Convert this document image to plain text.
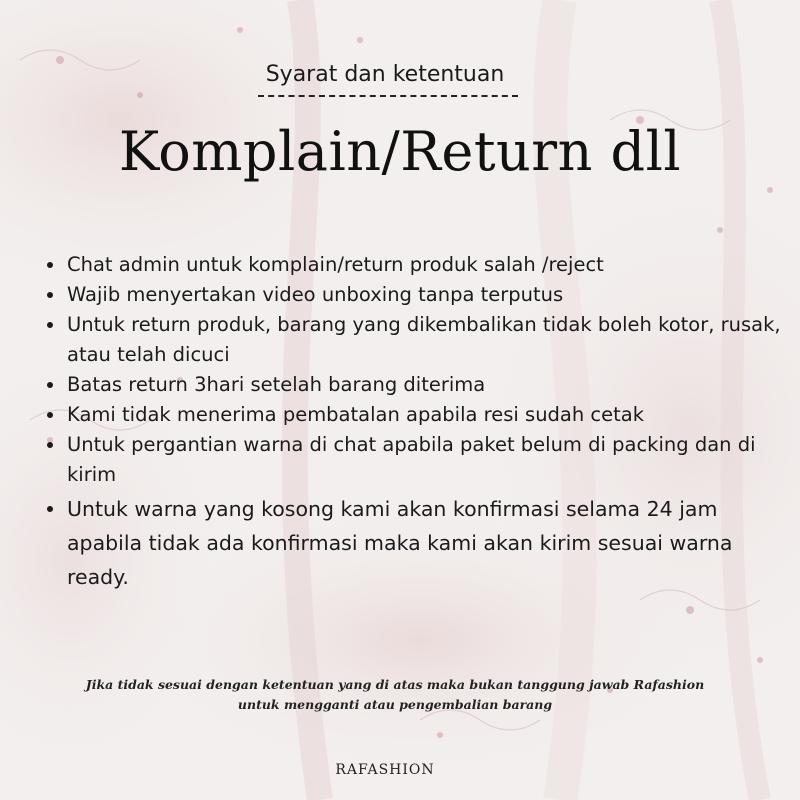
Syarat dan ketentuan
Komplain/Return dll
Chat admin untuk komplain/return produk salah /reject
Wajib menyertakan video unboxing tanpa terputus
Untuk return produk, barang yang dikembalikan tidak boleh kotor, rusak, atau telah dicuci
Batas return 3hari setelah barang diterima
Kami tidak menerima pembatalan apabila resi sudah cetak
Untuk pergantian warna di chat apabila paket belum di packing dan di kirim
Untuk warna yang kosong kami akan konfirmasi selama 24 jam apabila tidak ada konfirmasi maka kami akan kirim sesuai warna ready.
Jika tidak sesuai dengan ketentuan yang di atas maka bukan tanggung jawab Rafashion
untuk mengganti atau pengembalian barang
RAFASHION
